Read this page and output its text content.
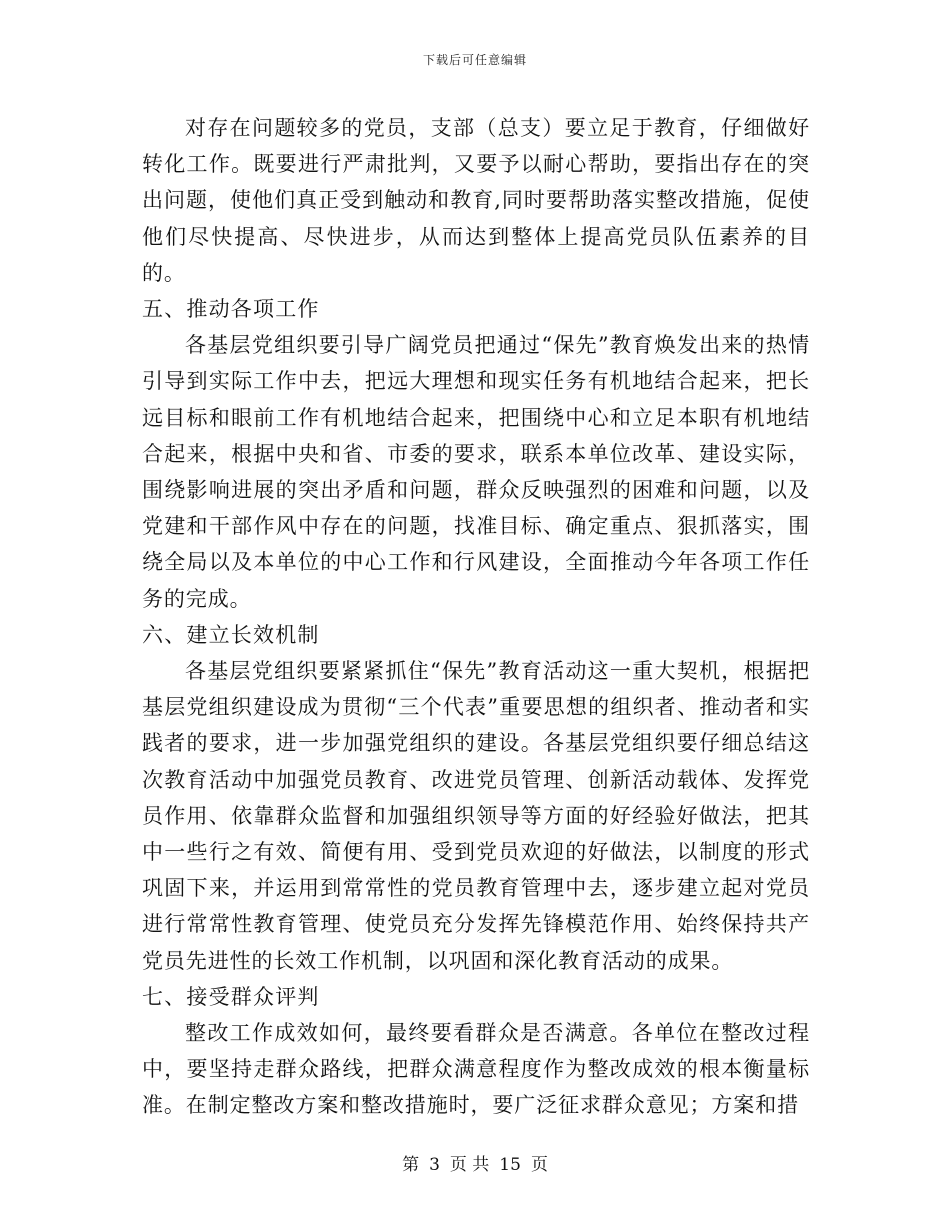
下载后可任意编辑

对存在问题较多的党员，支部（总支）要立足于教育，仔细做好转化工作。既要进行严肃批判，又要予以耐心帮助，要指出存在的突出问题，使他们真正受到触动和教育,同时要帮助落实整改措施，促使他们尽快提高、尽快进步，从而达到整体上提高党员队伍素养的目的。

五、推动各项工作

各基层党组织要引导广阔党员把通过“保先”教育焕发出来的热情引导到实际工作中去，把远大理想和现实任务有机地结合起来，把长远目标和眼前工作有机地结合起来，把围绕中心和立足本职有机地结合起来，根据中央和省、市委的要求，联系本单位改革、建设实际，围绕影响进展的突出矛盾和问题，群众反映强烈的困难和问题，以及党建和干部作风中存在的问题，找准目标、确定重点、狠抓落实，围绕全局以及本单位的中心工作和行风建设，全面推动今年各项工作任务的完成。

六、建立长效机制

各基层党组织要紧紧抓住“保先”教育活动这一重大契机，根据把基层党组织建设成为贯彻“三个代表”重要思想的组织者、推动者和实践者的要求，进一步加强党组织的建设。各基层党组织要仔细总结这次教育活动中加强党员教育、改进党员管理、创新活动载体、发挥党员作用、依靠群众监督和加强组织领导等方面的好经验好做法，把其中一些行之有效、简便有用、受到党员欢迎的好做法，以制度的形式巩固下来，并运用到常常性的党员教育管理中去，逐步建立起对党员进行常常性教育管理、使党员充分发挥先锋模范作用、始终保持共产党员先进性的长效工作机制，以巩固和深化教育活动的成果。

七、接受群众评判

整改工作成效如何，最终要看群众是否满意。各单位在整改过程中，要坚持走群众路线，把群众满意程度作为整改成效的根本衡量标准。在制定整改方案和整改措施时，要广泛征求群众意见；方案和措

第 3 页 共 15 页
